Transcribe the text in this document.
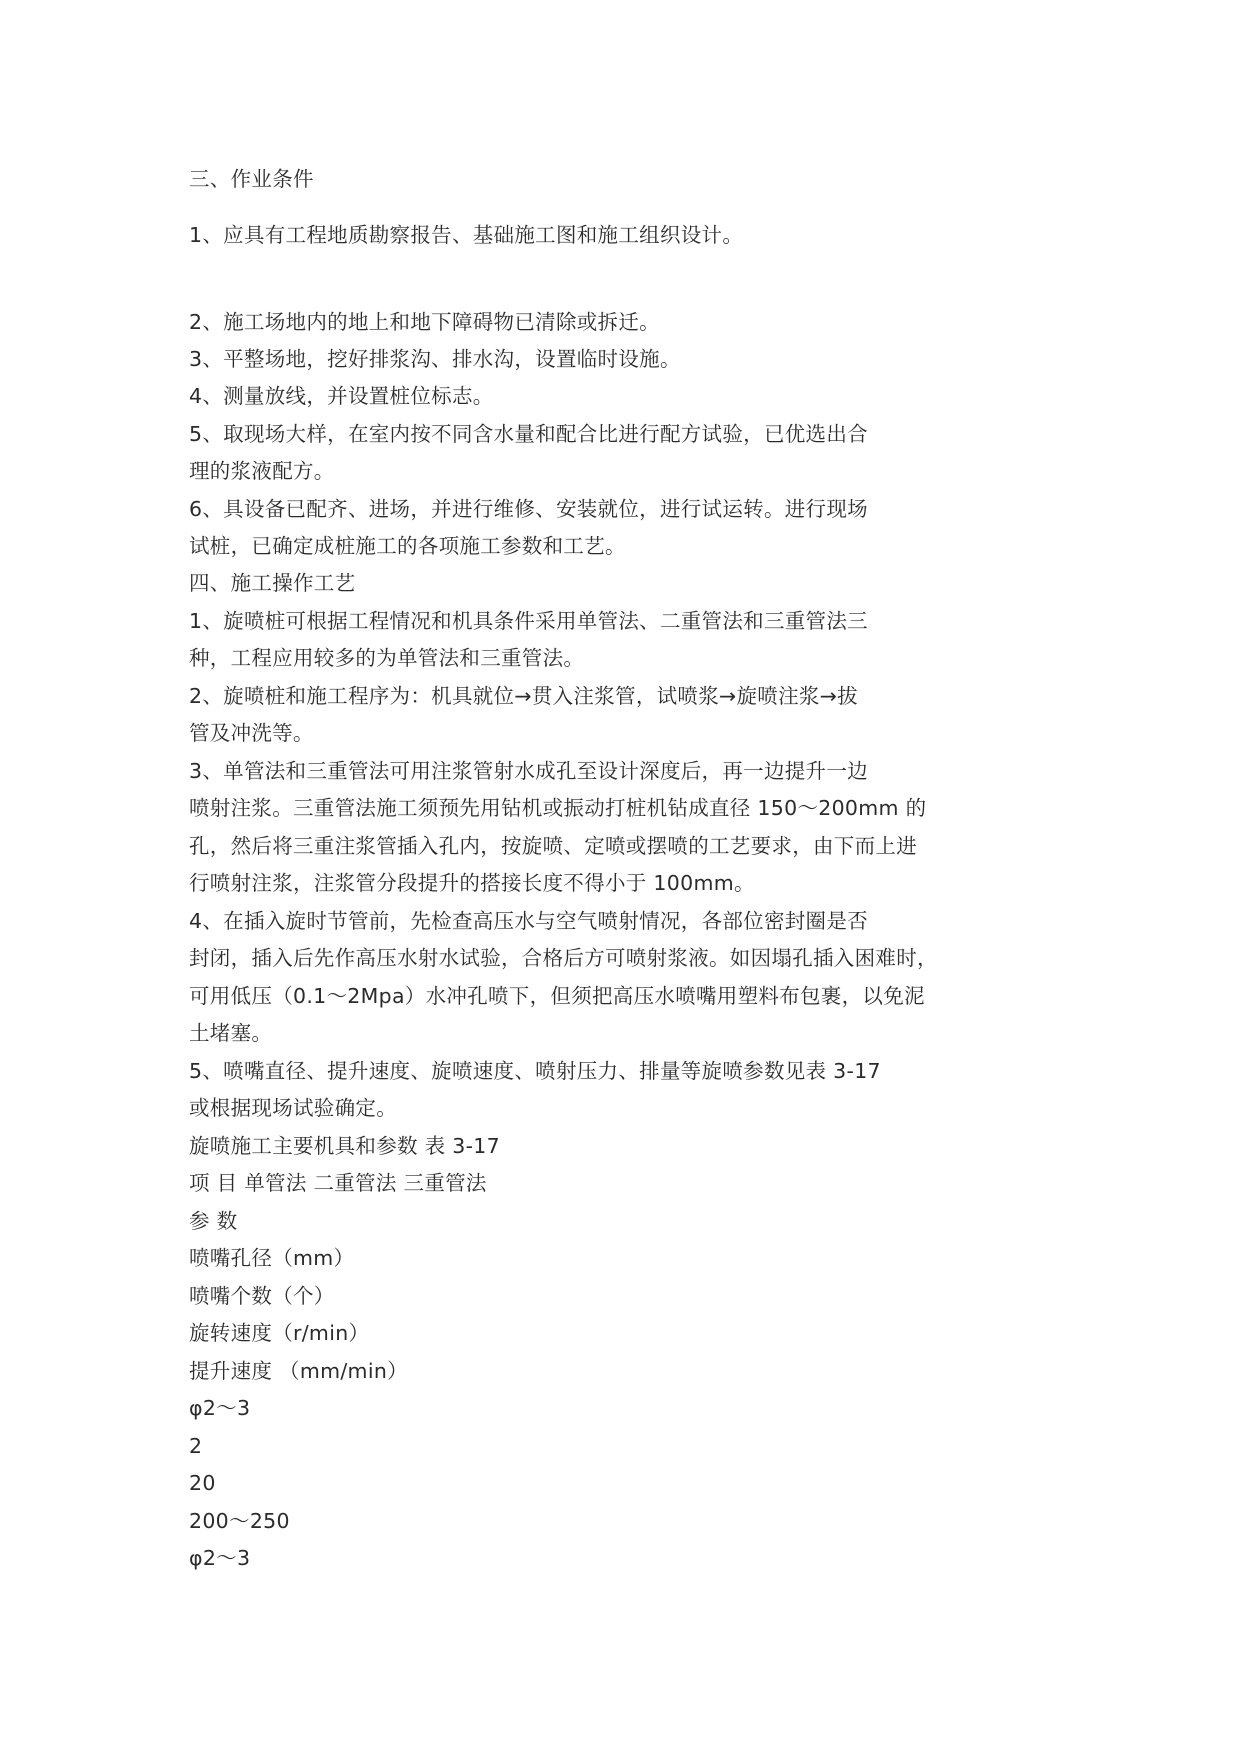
三、作业条件
1、应具有工程地质勘察报告、基础施工图和施工组织设计。
2、施工场地内的地上和地下障碍物已清除或拆迁。
3、平整场地，挖好排浆沟、排水沟，设置临时设施。
4、测量放线，并设置桩位标志。
5、取现场大样，在室内按不同含水量和配合比进行配方试验，已优选出合
理的浆液配方。
6、具设备已配齐、进场，并进行维修、安装就位，进行试运转。进行现场
试桩，已确定成桩施工的各项施工参数和工艺。
四、施工操作工艺
1、旋喷桩可根据工程情况和机具条件采用单管法、二重管法和三重管法三
种，工程应用较多的为单管法和三重管法。
2、旋喷桩和施工程序为：机具就位→贯入注浆管，试喷浆→旋喷注浆→拔
管及冲洗等。
3、单管法和三重管法可用注浆管射水成孔至设计深度后，再一边提升一边
喷射注浆。三重管法施工须预先用钻机或振动打桩机钻成直径 150～200mm 的
孔，然后将三重注浆管插入孔内，按旋喷、定喷或摆喷的工艺要求，由下而上进
行喷射注浆，注浆管分段提升的搭接长度不得小于 100mm。
4、在插入旋时节管前，先检查高压水与空气喷射情况，各部位密封圈是否
封闭，插入后先作高压水射水试验，合格后方可喷射浆液。如因塌孔插入困难时，
可用低压（0.1～2Mpa）水冲孔喷下，但须把高压水喷嘴用塑料布包裹，以免泥
土堵塞。
5、喷嘴直径、提升速度、旋喷速度、喷射压力、排量等旋喷参数见表 3-17
或根据现场试验确定。
旋喷施工主要机具和参数 表 3-17
项 目 单管法 二重管法 三重管法
参 数
喷嘴孔径（mm）
喷嘴个数（个）
旋转速度（r/min）
提升速度 （mm/min）
φ2～3
2
20
200～250
φ2～3
